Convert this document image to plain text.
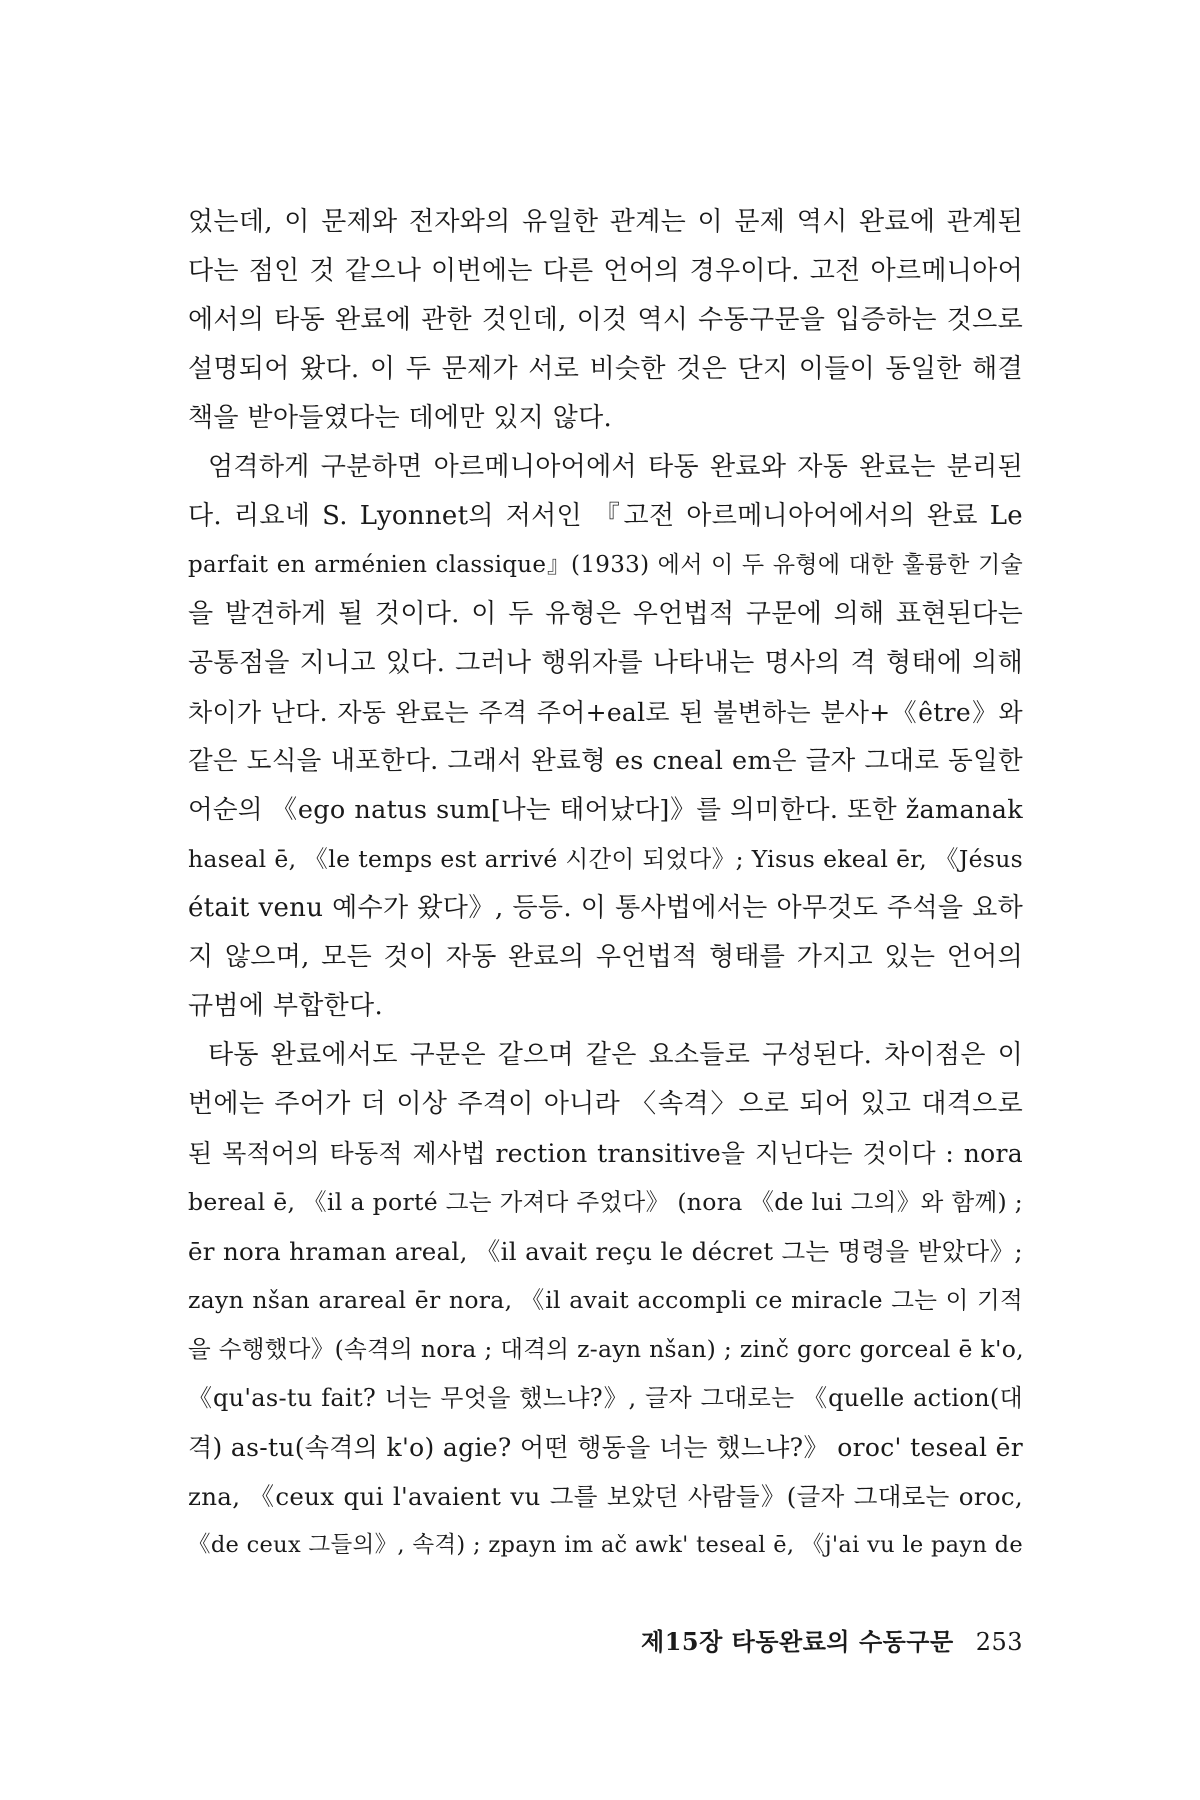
었는데, 이 문제와 전자와의 유일한 관계는 이 문제 역시 완료에 관계된
다는 점인 것 같으나 이번에는 다른 언어의 경우이다. 고전 아르메니아어
에서의 타동 완료에 관한 것인데, 이것 역시 수동구문을 입증하는 것으로
설명되어 왔다. 이 두 문제가 서로 비슷한 것은 단지 이들이 동일한 해결
책을 받아들였다는 데에만 있지 않다.
엄격하게 구분하면 아르메니아어에서 타동 완료와 자동 완료는 분리된
다. 리요네 S. Lyonnet의 저서인 『고전 아르메니아어에서의 완료 Le
parfait en arménien classique』(1933) 에서 이 두 유형에 대한 훌륭한 기술
을 발견하게 될 것이다. 이 두 유형은 우언법적 구문에 의해 표현된다는
공통점을 지니고 있다. 그러나 행위자를 나타내는 명사의 격 형태에 의해
차이가 난다. 자동 완료는 주격 주어+eal로 된 불변하는 분사+《être》와
같은 도식을 내포한다. 그래서 완료형 es cneal em은 글자 그대로 동일한
어순의 《ego natus sum[나는 태어났다]》를 의미한다. 또한 žamanak
haseal ē, 《le temps est arrivé 시간이 되었다》; Yisus ekeal ēr, 《Jésus
était venu 예수가 왔다》, 등등. 이 통사법에서는 아무것도 주석을 요하
지 않으며, 모든 것이 자동 완료의 우언법적 형태를 가지고 있는 언어의
규범에 부합한다.
타동 완료에서도 구문은 같으며 같은 요소들로 구성된다. 차이점은 이
번에는 주어가 더 이상 주격이 아니라 〈속격〉으로 되어 있고 대격으로
된 목적어의 타동적 제사법 rection transitive을 지닌다는 것이다 : nora
bereal ē, 《il a porté 그는 가져다 주었다》 (nora 《de lui 그의》와 함께) ;
ēr nora hraman areal, 《il avait reçu le décret 그는 명령을 받았다》;
zayn nšan arareal ēr nora, 《il avait accompli ce miracle 그는 이 기적
을 수행했다》(속격의 nora ; 대격의 z-ayn nšan) ; zinč gorc gorceal ē k'o,
《qu'as-tu fait? 너는 무엇을 했느냐?》, 글자 그대로는 《quelle action(대
격) as-tu(속격의 k'o) agie? 어떤 행동을 너는 했느냐?》 oroc' teseal ēr
zna, 《ceux qui l'avaient vu 그를 보았던 사람들》(글자 그대로는 oroc,
《de ceux 그들의》, 속격) ; zpayn im ač awk' teseal ē, 《j'ai vu le payn de
제15장 타동완료의 수동구문 253
